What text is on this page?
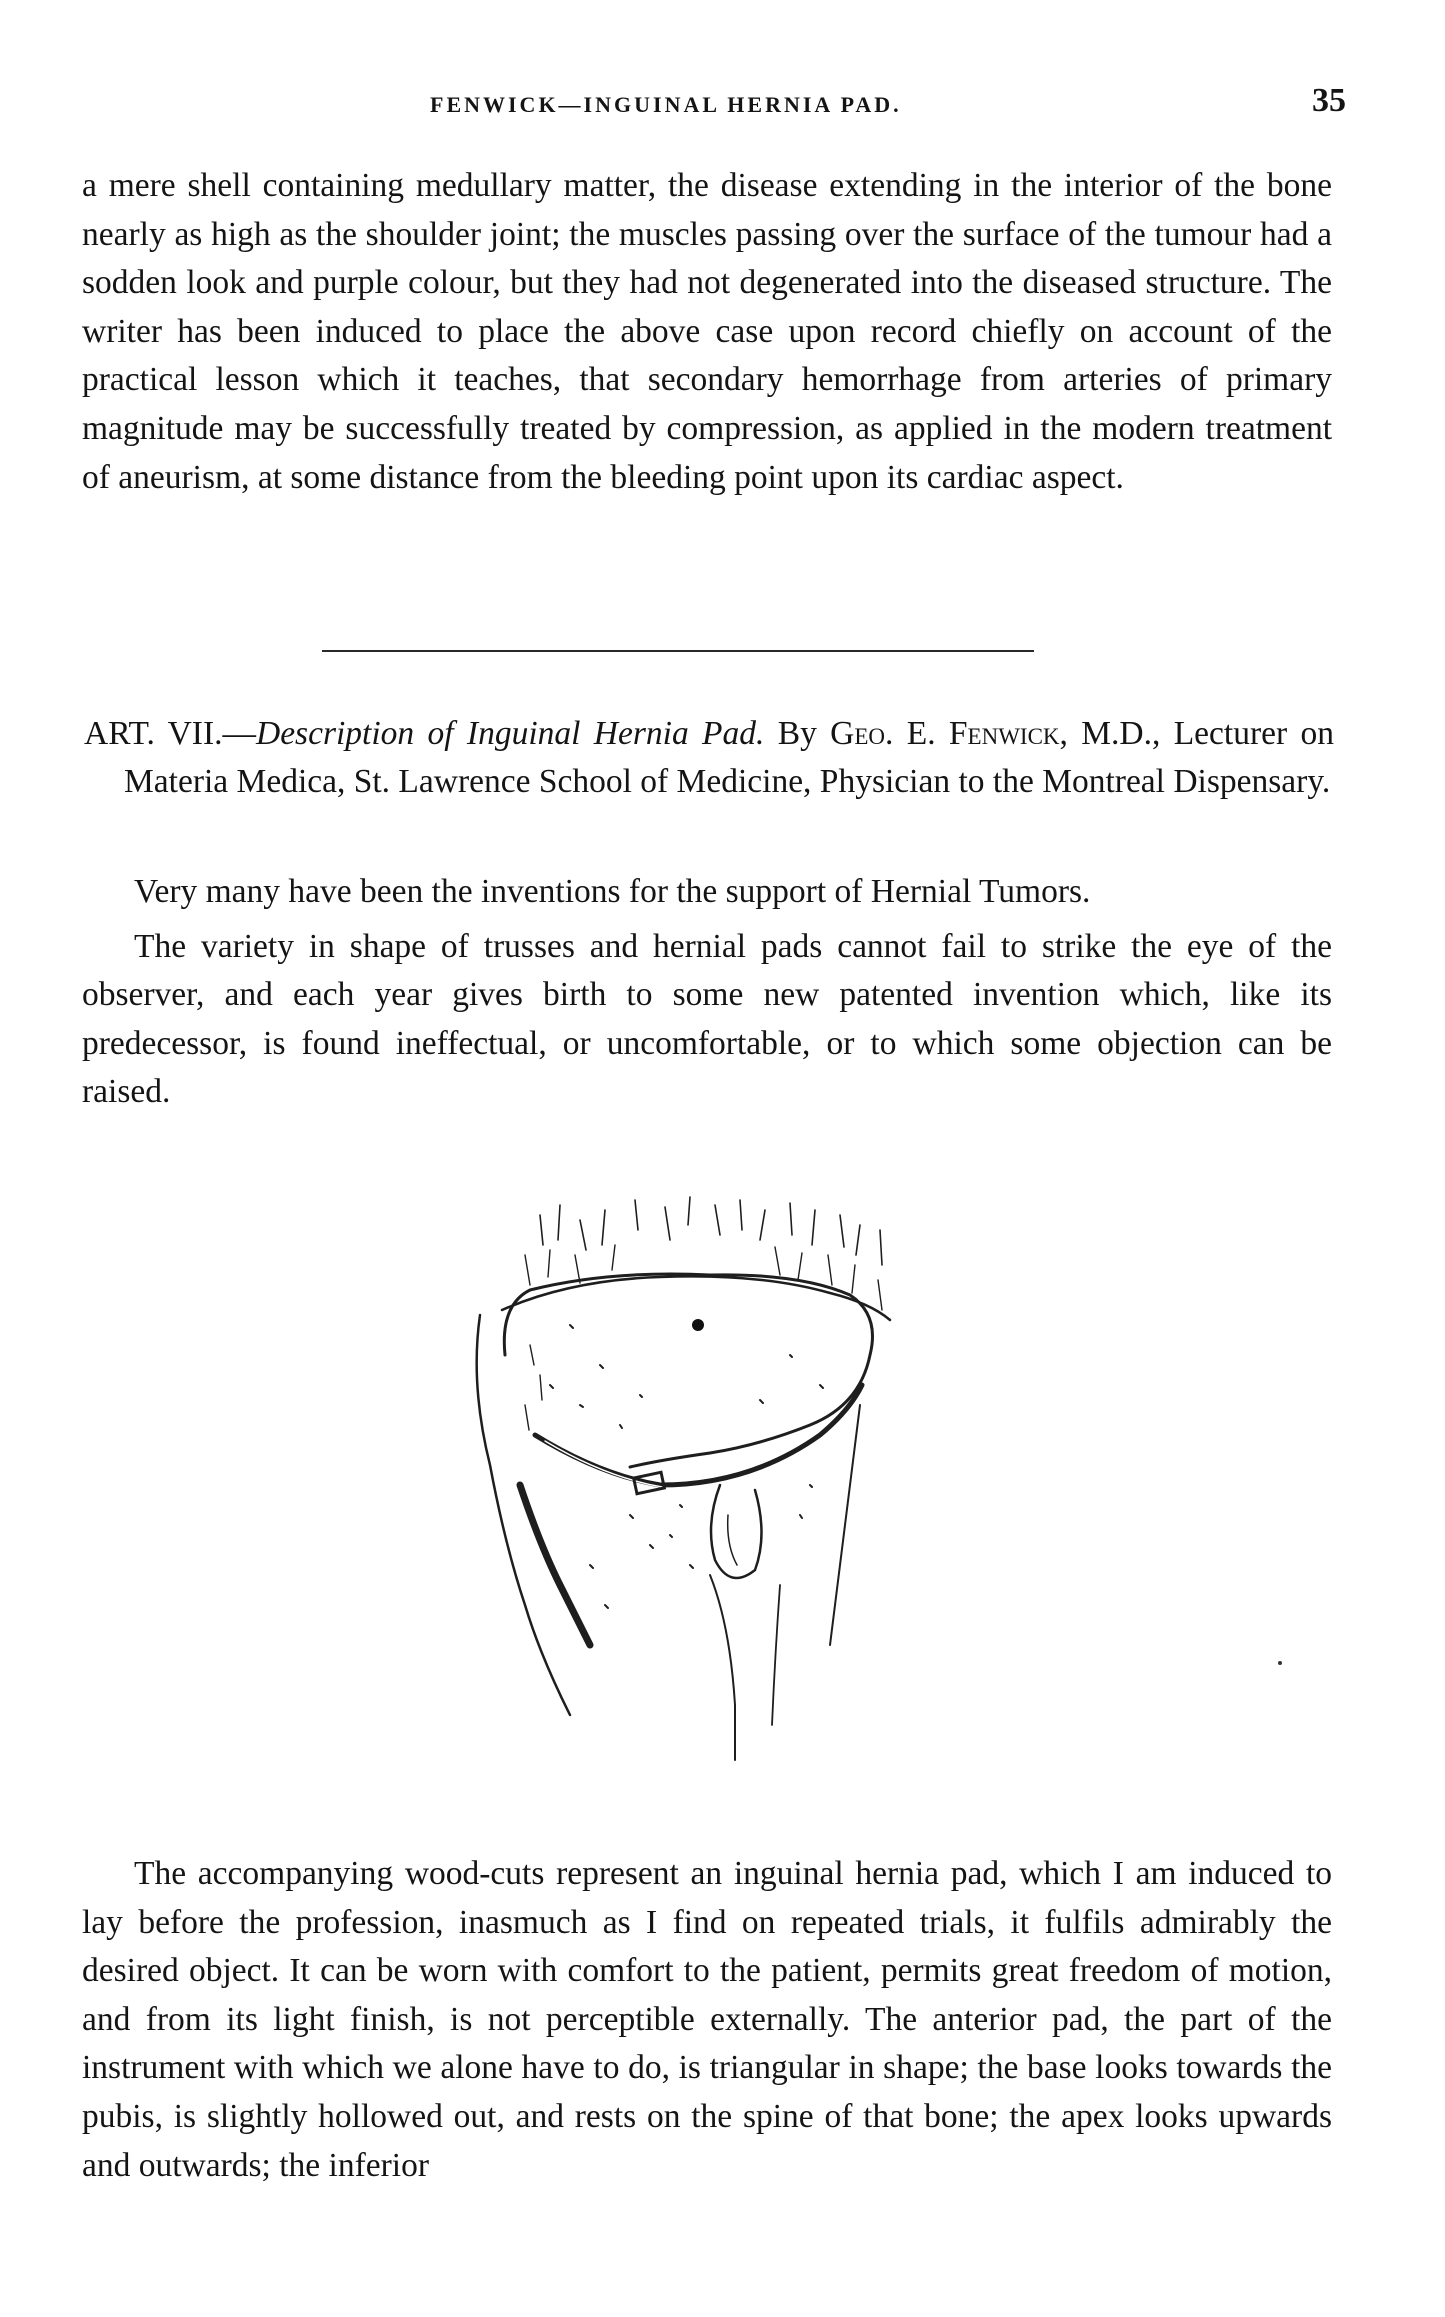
FENWICK—INGUINAL HERNIA PAD.	35

a mere shell containing medullary matter, the disease extending in the interior of the bone nearly as high as the shoulder joint; the muscles passing over the surface of the tumour had a sodden look and purple colour, but they had not degenerated into the diseased structure. The writer has been induced to place the above case upon record chiefly on account of the practical lesson which it teaches, that secondary hemorrhage from arteries of primary magnitude may be successfully treated by compression, as applied in the modern treatment of aneurism, at some distance from the bleeding point upon its cardiac aspect.

ART. VII.—Description of Inguinal Hernia Pad. By Geo. E. Fenwick, M.D., Lecturer on Materia Medica, St. Lawrence School of Medicine, Physician to the Montreal Dispensary.

Very many have been the inventions for the support of Hernial Tumors.

The variety in shape of trusses and hernial pads cannot fail to strike the eye of the observer, and each year gives birth to some new patented invention which, like its predecessor, is found ineffectual, or uncomfortable, or to which some objection can be raised.

The accompanying wood-cuts represent an inguinal hernia pad, which I am induced to lay before the profession, inasmuch as I find on repeated trials, it fulfils admirably the desired object. It can be worn with comfort to the patient, permits great freedom of motion, and from its light finish, is not perceptible externally. The anterior pad, the part of the instrument with which we alone have to do, is triangular in shape; the base looks towards the pubis, is slightly hollowed out, and rests on the spine of that bone; the apex looks upwards and outwards; the inferior
